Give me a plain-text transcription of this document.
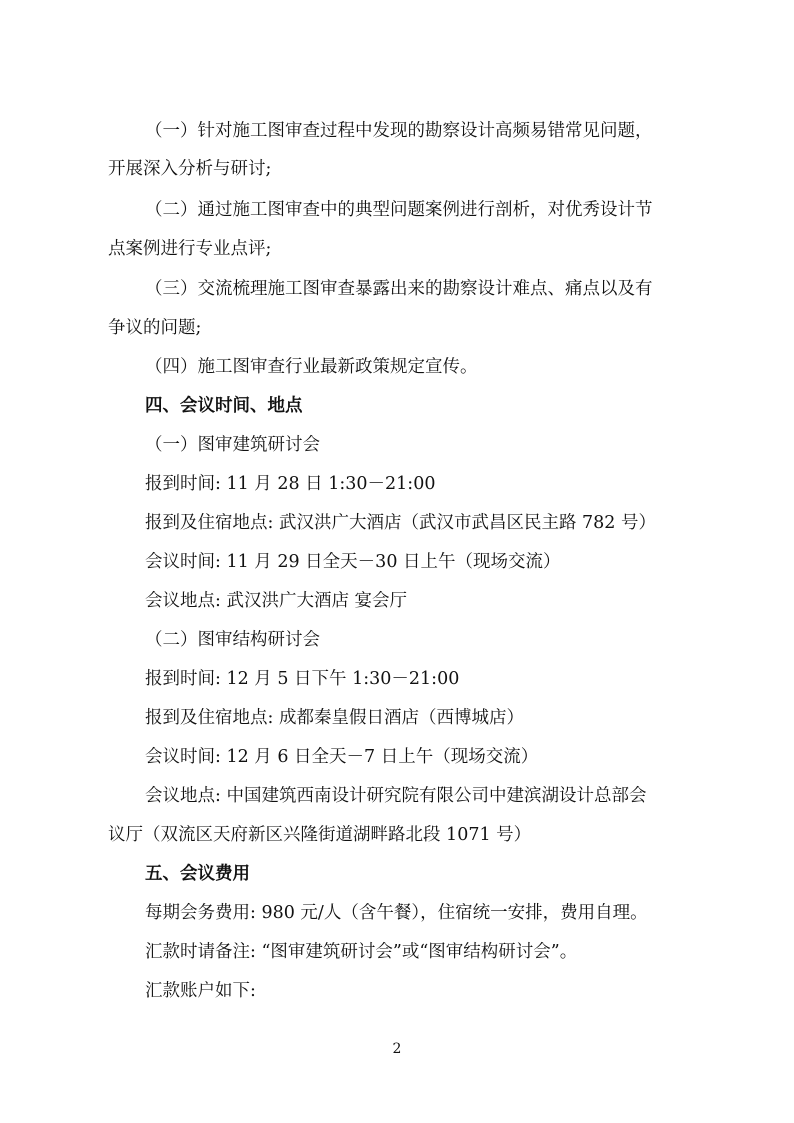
（一）针对施工图审查过程中发现的勘察设计高频易错常见问题，
开展深入分析与研讨;
（二）通过施工图审查中的典型问题案例进行剖析，对优秀设计节
点案例进行专业点评;
（三）交流梳理施工图审查暴露出来的勘察设计难点、痛点以及有
争议的问题;
（四）施工图审查行业最新政策规定宣传。
四、会议时间、地点
（一）图审建筑研讨会
报到时间: 11 月 28 日 1:30－21:00
报到及住宿地点: 武汉洪广大酒店（武汉市武昌区民主路 782 号）
会议时间: 11 月 29 日全天－30 日上午（现场交流）
会议地点: 武汉洪广大酒店 宴会厅
（二）图审结构研讨会
报到时间: 12 月 5 日下午 1:30－21:00
报到及住宿地点: 成都秦皇假日酒店（西博城店）
会议时间: 12 月 6 日全天－7 日上午（现场交流）
会议地点: 中国建筑西南设计研究院有限公司中建滨湖设计总部会
议厅（双流区天府新区兴隆街道湖畔路北段 1071 号）
五、会议费用
每期会务费用: 980 元/人（含午餐），住宿统一安排，费用自理。
汇款时请备注: “图审建筑研讨会”或“图审结构研讨会”。
汇款账户如下:
2
